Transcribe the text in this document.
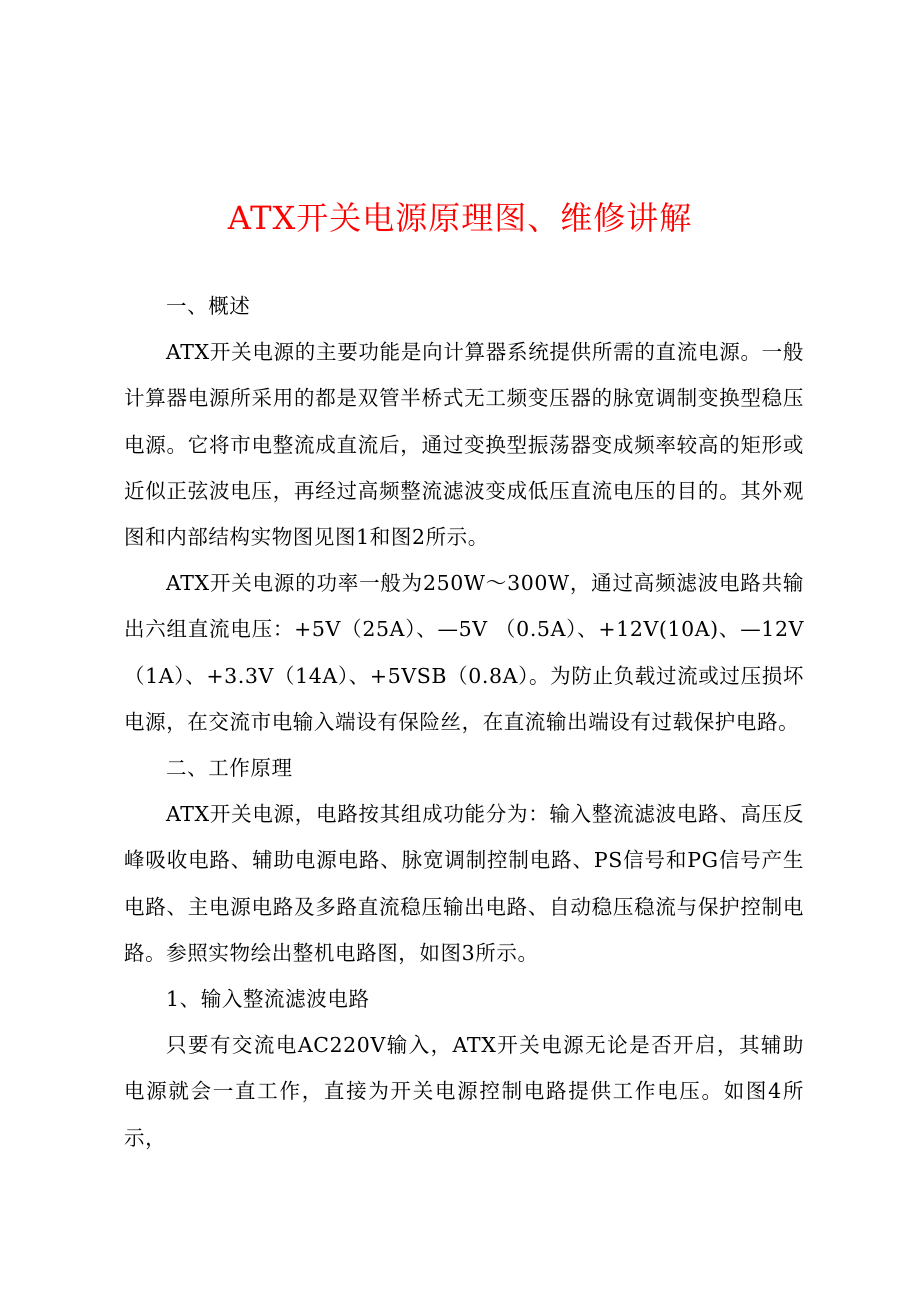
ATX开关电源原理图、维修讲解

一、概述

ATX开关电源的主要功能是向计算器系统提供所需的直流电源。一般计算器电源所采用的都是双管半桥式无工频变压器的脉宽调制变换型稳压电源。它将市电整流成直流后，通过变换型振荡器变成频率较高的矩形或近似正弦波电压，再经过高频整流滤波变成低压直流电压的目的。其外观图和内部结构实物图见图1和图2所示。

ATX开关电源的功率一般为250W～300W，通过高频滤波电路共输出六组直流电压：+5V（25A）、—5V （0.5A）、+12V(10A)、—12V（1A）、+3.3V（14A）、+5VSB（0.8A）。为防止负载过流或过压损坏电源，在交流市电输入端设有保险丝，在直流输出端设有过载保护电路。

二、工作原理

ATX开关电源，电路按其组成功能分为：输入整流滤波电路、高压反峰吸收电路、辅助电源电路、脉宽调制控制电路、PS信号和PG信号产生电路、主电源电路及多路直流稳压输出电路、自动稳压稳流与保护控制电路。参照实物绘出整机电路图，如图3所示。

1、输入整流滤波电路

只要有交流电AC220V输入，ATX开关电源无论是否开启，其辅助电源就会一直工作，直接为开关电源控制电路提供工作电压。如图4所示，
